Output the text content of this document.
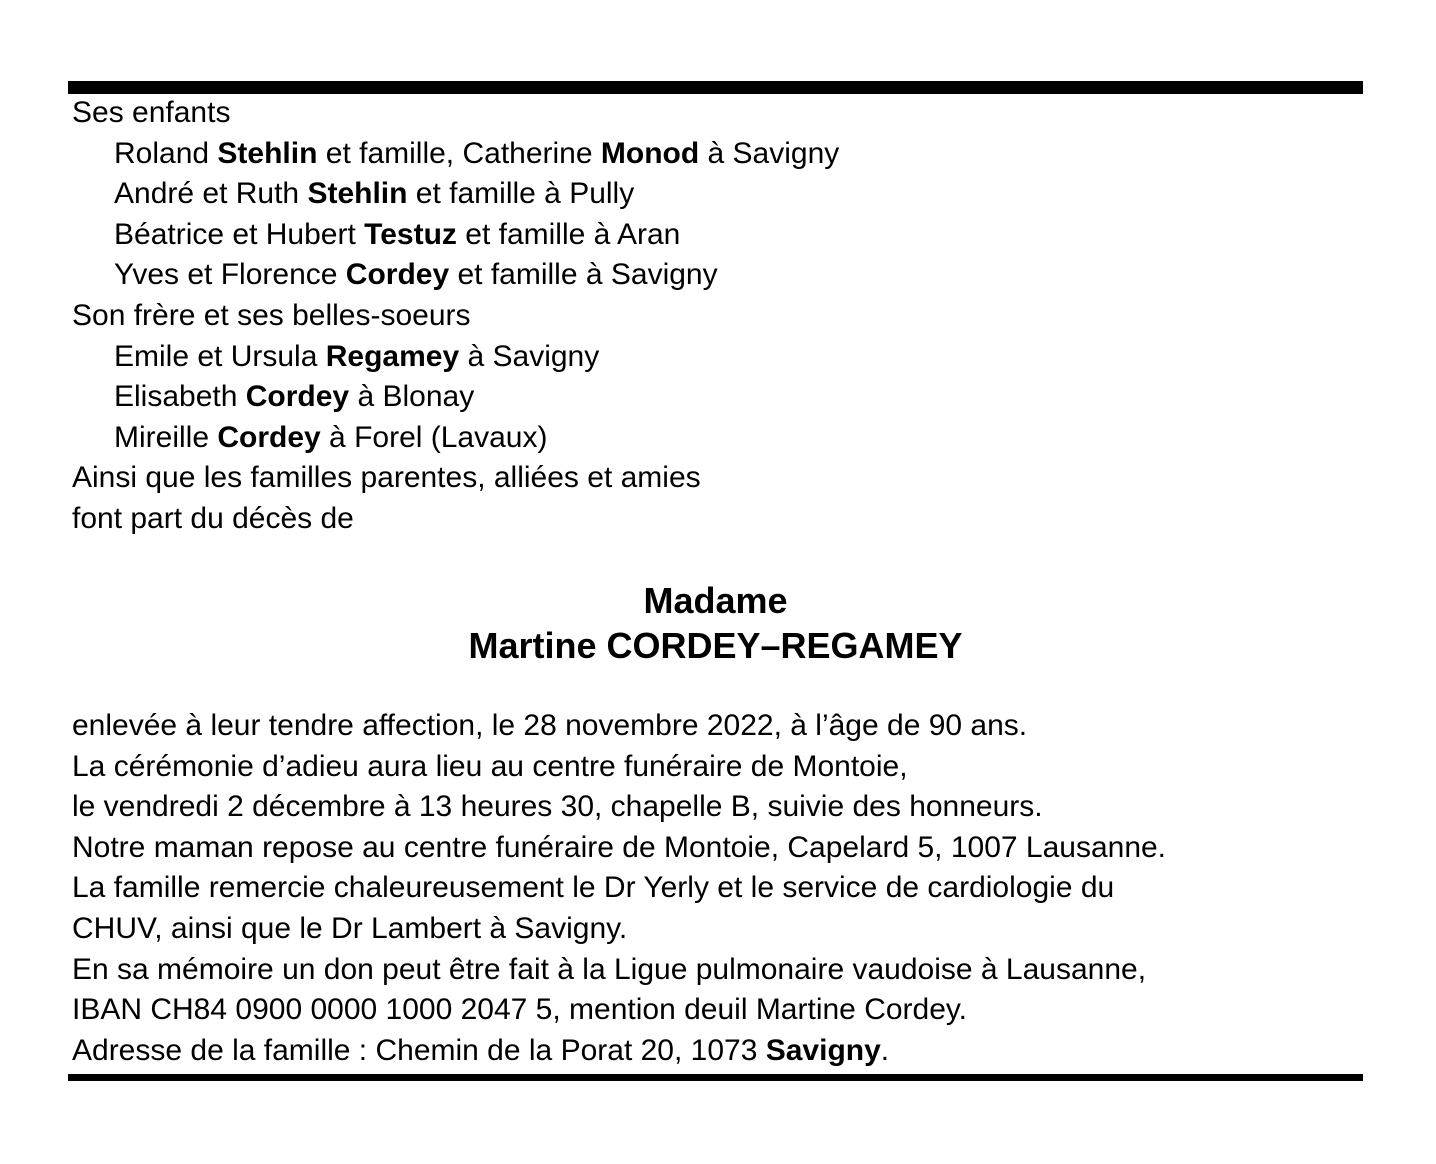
Ses enfants

Roland Stehlin et famille, Catherine Monod à Savigny

André et Ruth Stehlin et famille à Pully

Béatrice et Hubert Testuz et famille à Aran

Yves et Florence Cordey et famille à Savigny

Son frère et ses belles-soeurs

Emile et Ursula Regamey à Savigny

Elisabeth Cordey à Blonay

Mireille Cordey à Forel (Lavaux)

Ainsi que les familles parentes, alliées et amies

font part du décès de

Madame

Martine CORDEY–REGAMEY

enlevée à leur tendre affection, le 28 novembre 2022, à l’âge de 90 ans.

La cérémonie d’adieu aura lieu au centre funéraire de Montoie,

le vendredi 2 décembre à 13 heures 30, chapelle B, suivie des honneurs.

Notre maman repose au centre funéraire de Montoie, Capelard 5, 1007 Lausanne.

La famille remercie chaleureusement le Dr Yerly et le service de cardiologie du

CHUV, ainsi que le Dr Lambert à Savigny.

En sa mémoire un don peut être fait à la Ligue pulmonaire vaudoise à Lausanne,

IBAN CH84 0900 0000 1000 2047 5, mention deuil Martine Cordey.

Adresse de la famille : Chemin de la Porat 20, 1073 Savigny.
